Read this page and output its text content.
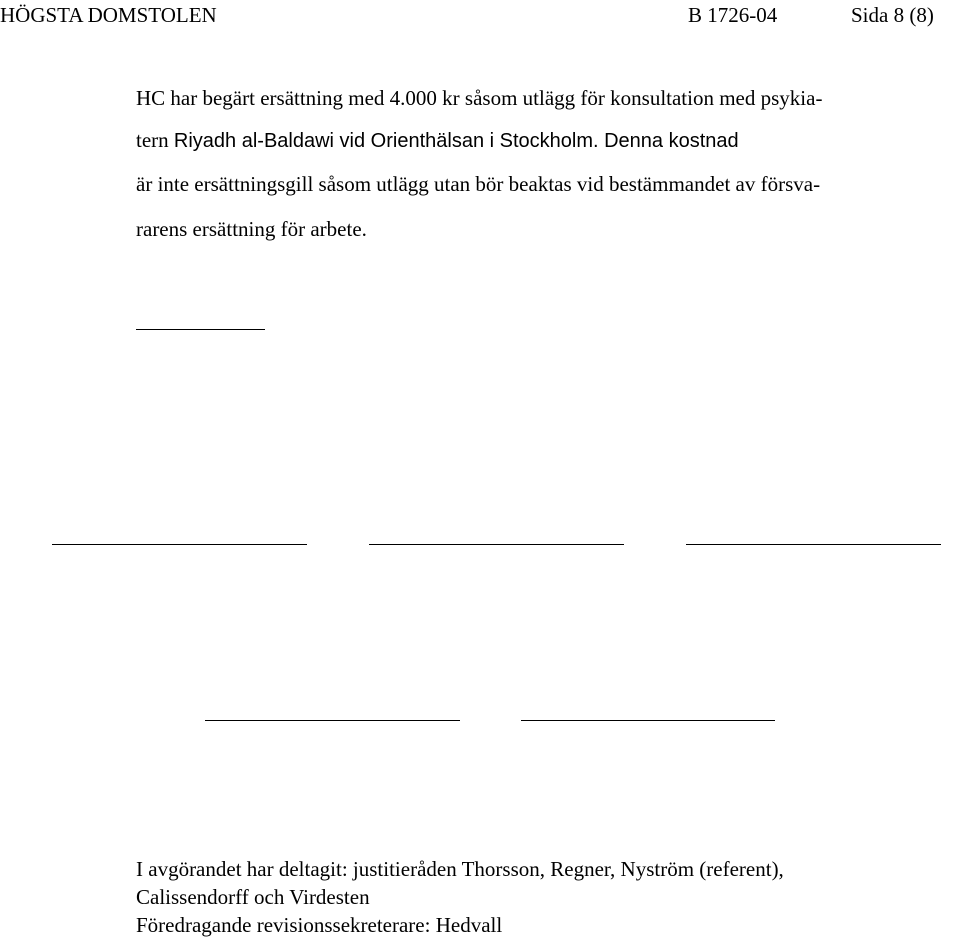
HÖGSTA DOMSTOLEN	B 1726-04	Sida 8 (8)
HC har begärt ersättning med 4.000 kr såsom utlägg för konsultation med psykia-
tern Riyadh al-Baldawi vid Orienthälsan i Stockholm. Denna kostnad
är inte ersättningsgill såsom utlägg utan bör beaktas vid bestämmandet av försva-
rarens ersättning för arbete.
I avgörandet har deltagit: justitieråden Thorsson, Regner, Nyström (referent),
Calissendorff och Virdesten
Föredragande revisionssekreterare: Hedvall
